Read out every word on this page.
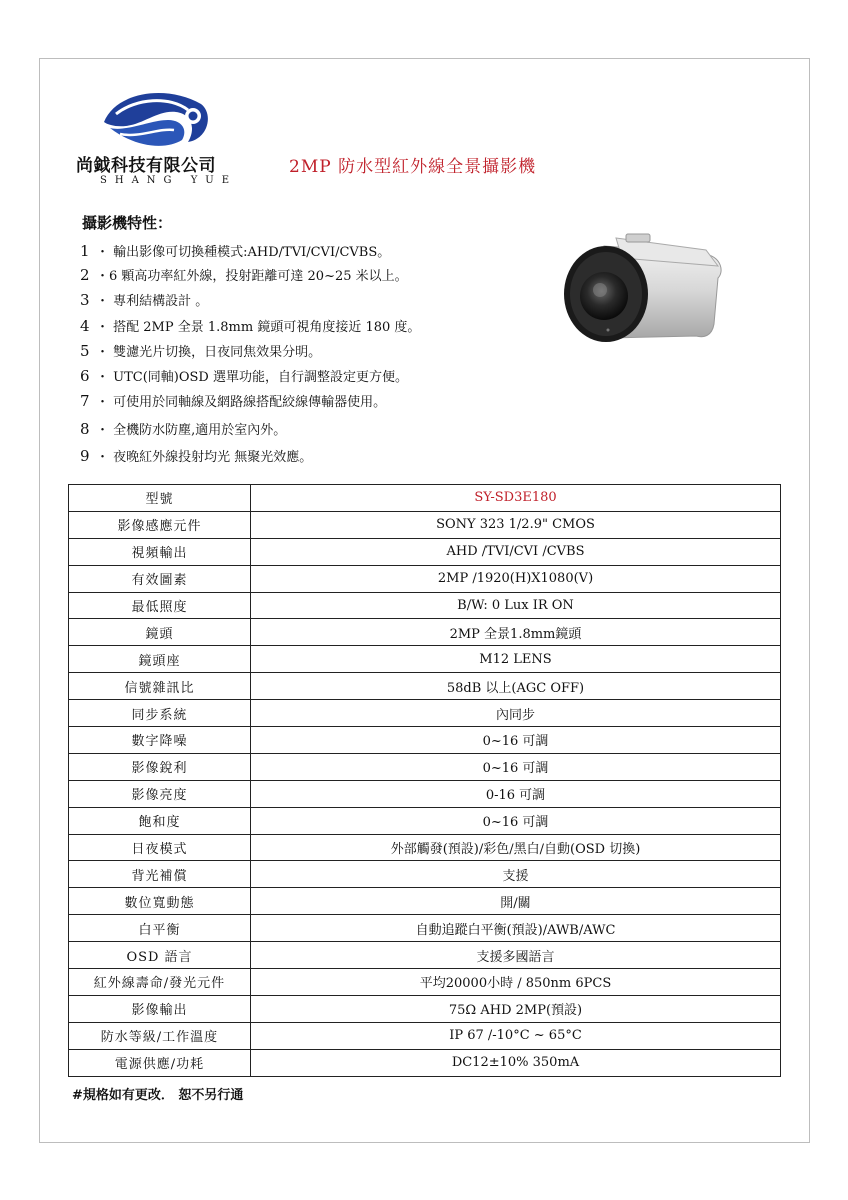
尚鉞科技有限公司
SHANG YUE
2MP 防水型紅外線全景攝影機
攝影機特性：
1 ・ 輸出影像可切換種模式:AHD/TVI/CVI/CVBS。
2 ・6 顆高功率紅外線，投射距離可達 20~25 米以上。
3 ・ 專利結構設計 。
4 ・ 搭配 2MP 全景 1.8mm 鏡頭可視角度接近 180 度。
5 ・ 雙濾光片切換，日夜同焦效果分明。
6 ・ UTC(同軸)OSD 選單功能，自行調整設定更方便。
7 ・ 可使用於同軸線及網路線搭配絞線傳輸器使用。
8 ・ 全機防水防塵,適用於室內外。
9 ・ 夜晚紅外線投射均光 無聚光效應。
型號	SY-SD3E180
影像感應元件	SONY 323 1/2.9" CMOS
視頻輸出	AHD /TVI/CVI /CVBS
有效圖素	2MP /1920(H)X1080(V)
最低照度	B/W: 0 Lux IR ON
鏡頭	2MP 全景1.8mm鏡頭
鏡頭座	M12 LENS
信號雜訊比	58dB 以上(AGC OFF)
同步系統	內同步
數字降噪	0~16 可調
影像銳利	0~16 可調
影像亮度	0-16 可調
飽和度	0~16 可調
日夜模式	外部觸發(預設)/彩色/黑白/自動(OSD 切換)
背光補償	支援
數位寬動態	開/關
白平衡	自動追蹤白平衡(預設)/AWB/AWC
OSD 語言	支援多國語言
紅外線壽命/發光元件	平均20000小時 / 850nm 6PCS
影像輸出	75Ω AHD 2MP(預設)
防水等級/工作溫度	IP 67 /-10°C ~ 65°C
電源供應/功耗	DC12±10% 350mA
#規格如有更改． 恕不另行通
